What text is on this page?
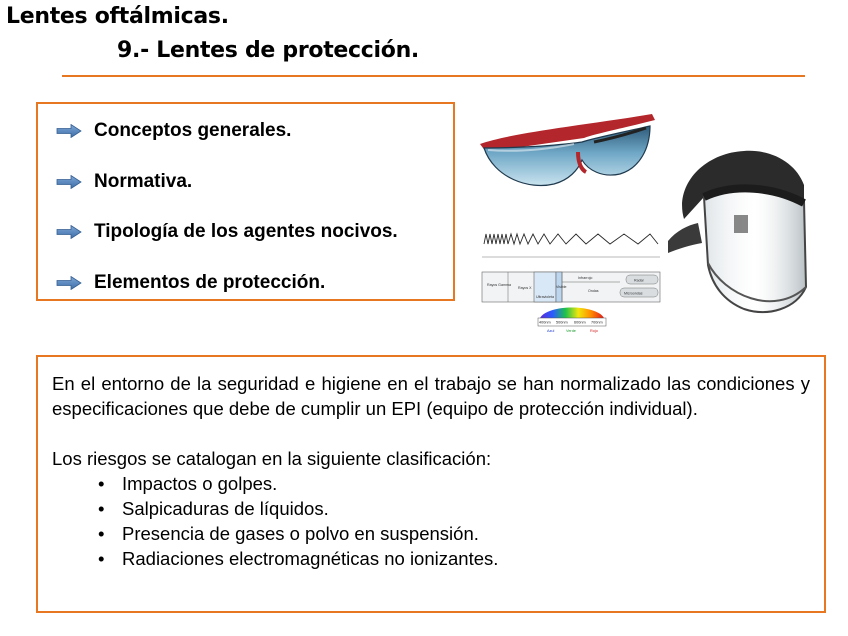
Lentes oftálmicas.
9.- Lentes de protección.
Conceptos generales.
Normativa.
Tipología de los agentes nocivos.
Elementos de protección.	Rayos Gamma
Rayos X
Ultravioleta
Visible
Infrarrojo
Ondas
Radar
Microondas
400nm 500nm 600nm 700nm
Azul	Verde	Rojo

En el entorno de la seguridad e higiene en el trabajo se han normalizado las condiciones y especificaciones que debe de cumplir un EPI (equipo de protección individual).

Los riesgos se catalogan en la siguiente clasificación:

• Impactos o golpes.
• Salpicaduras de líquidos.
• Presencia de gases o polvo en suspensión.
• Radiaciones electromagnéticas no ionizantes.
